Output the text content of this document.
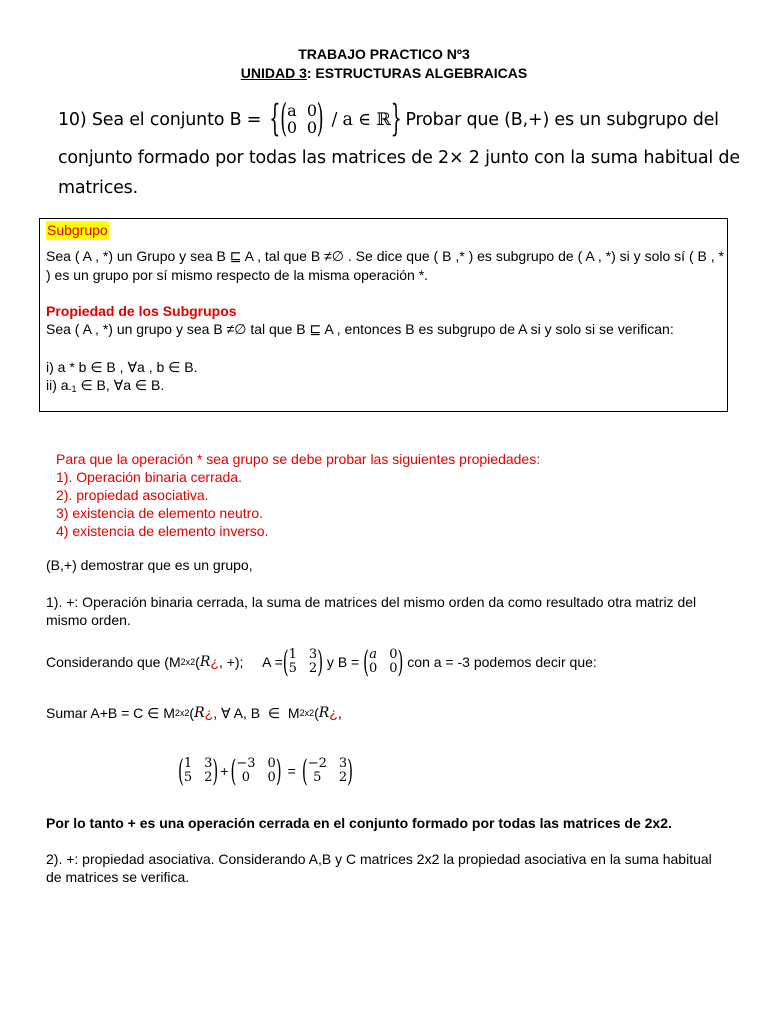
TRABAJO PRACTICO Nº3
UNIDAD 3: ESTRUCTURAS ALGEBRAICAS
10) Sea el conjunto B = { ( a 0
0 0 ) / a ∈ ℝ } Probar que (B,+) es un subgrupo del
conjunto formado por todas las matrices de 2× 2 junto con la suma habitual de
matrices.
Subgrupo
Sea ( A , *) un Grupo y sea B ⊑ A , tal que B ≠∅ . Se dice que ( B ,* ) es subgrupo de ( A , *) si y solo sí ( B , * ) es un grupo por sí mismo respecto de la misma operación *.
Propiedad de los Subgrupos
Sea ( A , *) un grupo y sea B ≠∅ tal que B ⊑ A , entonces B es subgrupo de A si y solo si se verifican:
i) a * b ∈ B , ∀a , b ∈ B.
ii) $a_{-1}$ ∈ B, ∀a ∈ B.
Para que la operación * sea grupo se debe probar las siguientes propiedades:
1). Operación binaria cerrada.
2). propiedad asociativa.
3) existencia de elemento neutro.
4) existencia de elemento inverso.
(B,+) demostrar que es un grupo,
1). +: Operación binaria cerrada, la suma de matrices del mismo orden da como resultado otra matriz del mismo orden.
Considerando que (M 2x2 ( R ¿ , +);     A = ( 1 3
5 2 ) y B = ( a 0
0 0 ) con a = -3 podemos decir que:
Sumar A+B = C ∈ M 2x2 ( R ¿ , ∀ A, B  ∈  M 2x2 ( R ¿ ,
( 1 3
5 2 ) + ( −3 0
0	0 ) = ( −2 3
5	2 )
Por lo tanto + es una operación cerrada en el conjunto formado por todas las matrices de 2x2.
2). +: propiedad asociativa. Considerando A,B y C matrices 2x2 la propiedad asociativa en la suma habitual de matrices se verifica.
